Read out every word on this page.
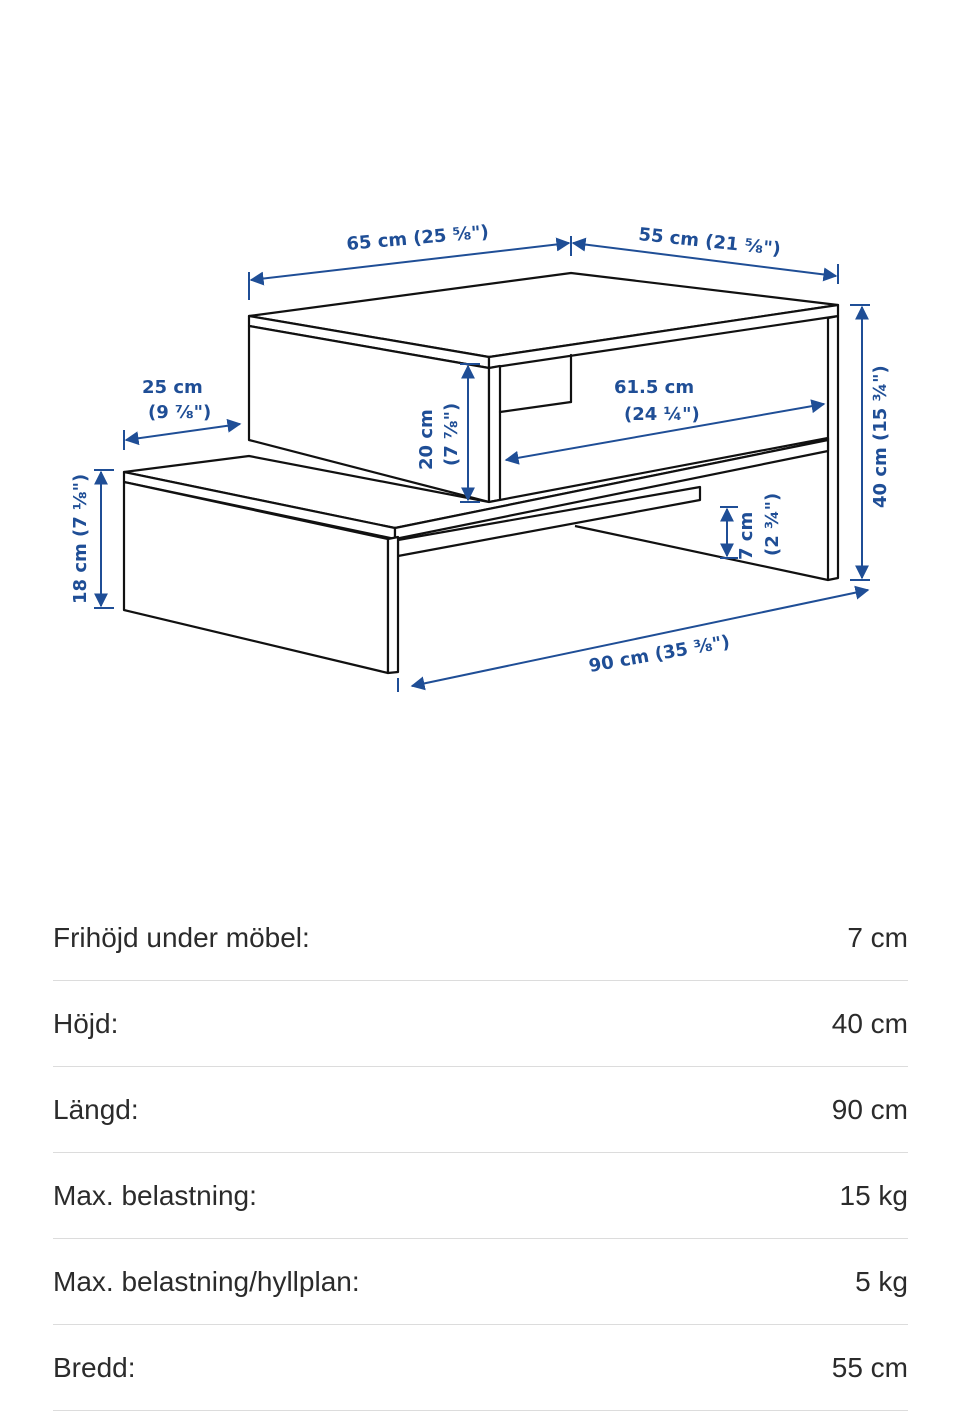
65 cm (25 ⅝")	55 cm (21 ⅝")
25 cm
(9 ⅞")
61.5 cm
(24 ¼")
20 cm (7 ⅞")	40 cm (15 ¾")
18 cm (7 ⅛")	7 cm (2 ¾")
90 cm (35 ⅜")
Frihöjd under möbel:	7 cm
Höjd:	40 cm
Längd:	90 cm
Max. belastning:	15 kg
Max. belastning/hyllplan:	5 kg
Bredd:	55 cm
